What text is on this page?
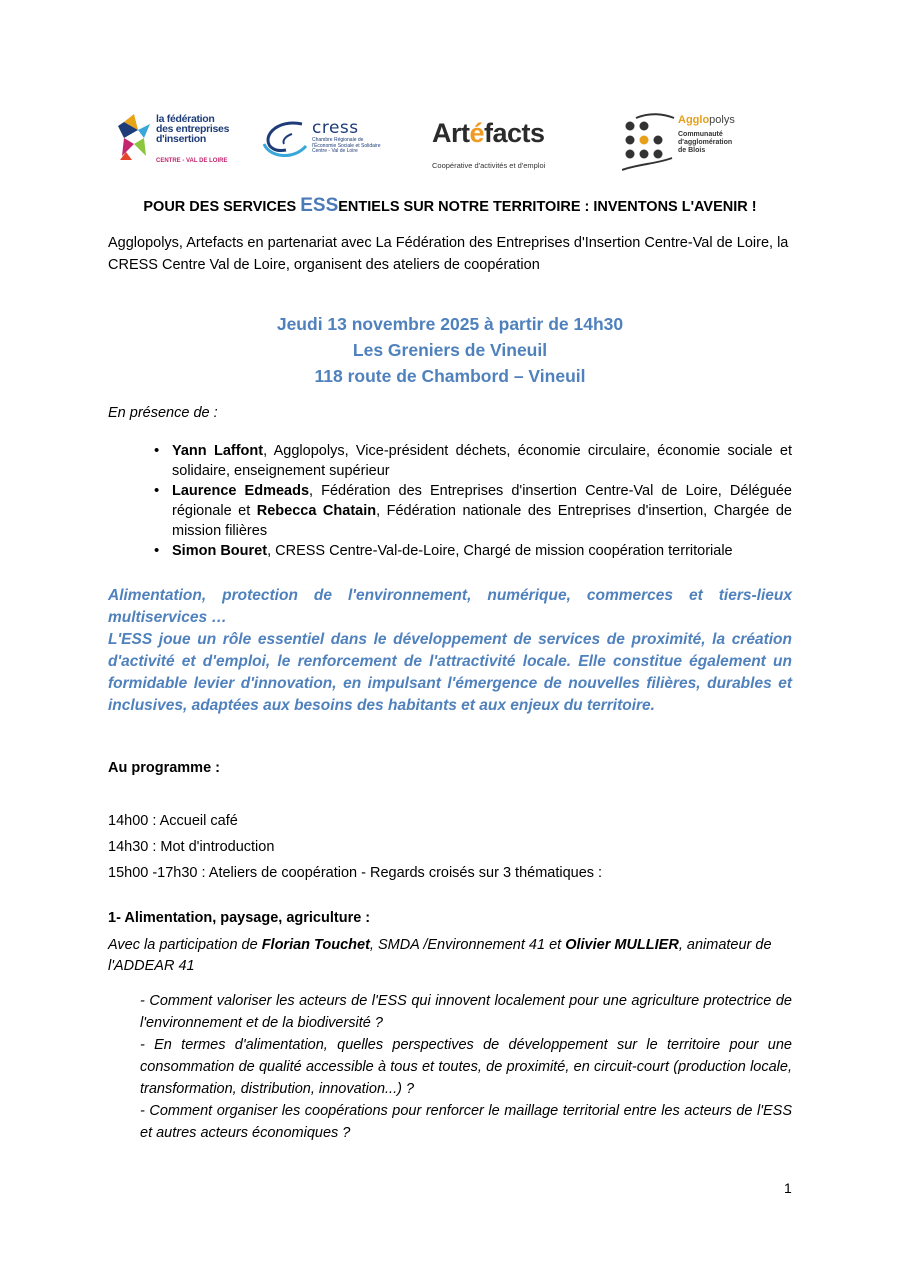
la fédération
des entreprises
d'insertion
CENTRE - VAL DE LOIRE
cress
Chambre Régionale de l'Économie Sociale et Solidaire Centre - Val de Loire
Artéfacts
Coopérative d'activités et d'emploi
Agglopolys
Communauté
d'agglomération
de Blois
POUR DES SERVICES ESSENTIELS SUR NOTRE TERRITOIRE : INVENTONS L'AVENIR !
Agglopolys, Artefacts en partenariat avec La Fédération des Entreprises d'Insertion Centre-Val de Loire, la CRESS Centre Val de Loire, organisent des ateliers de coopération
Jeudi 13 novembre 2025 à partir de 14h30
Les Greniers de Vineuil
118 route de Chambord – Vineuil
En présence de :
• Yann Laffont, Agglopolys, Vice-président déchets, économie circulaire, économie sociale et solidaire, enseignement supérieur
• Laurence Edmeads, Fédération des Entreprises d'insertion Centre-Val de Loire, Déléguée régionale et Rebecca Chatain, Fédération nationale des Entreprises d'insertion, Chargée de mission filières
• Simon Bouret, CRESS Centre-Val-de-Loire, Chargé de mission coopération territoriale

Alimentation, protection de l'environnement, numérique, commerces et tiers-lieux multiservices …

L'ESS joue un rôle essentiel dans le développement de services de proximité, la création d'activité et d'emploi, le renforcement de l'attractivité locale. Elle constitue également un formidable levier d'innovation, en impulsant l'émergence de nouvelles filières, durables et inclusives, adaptées aux besoins des habitants et aux enjeux du territoire.

Au programme :
14h00 : Accueil café
14h30 : Mot d'introduction
15h00 -17h30 : Ateliers de coopération - Regards croisés sur 3 thématiques :
1- Alimentation, paysage, agriculture :
Avec la participation de Florian Touchet, SMDA /Environnement 41 et Olivier MULLIER, animateur de l'ADDEAR 41

- Comment valoriser les acteurs de l'ESS qui innovent localement pour une agriculture protectrice de l'environnement et de la biodiversité ?

- En termes d'alimentation, quelles perspectives de développement sur le territoire pour une consommation de qualité accessible à tous et toutes, de proximité, en circuit-court (production locale, transformation, distribution, innovation...) ?

- Comment organiser les coopérations pour renforcer le maillage territorial entre les acteurs de l'ESS et autres acteurs économiques ?

1
